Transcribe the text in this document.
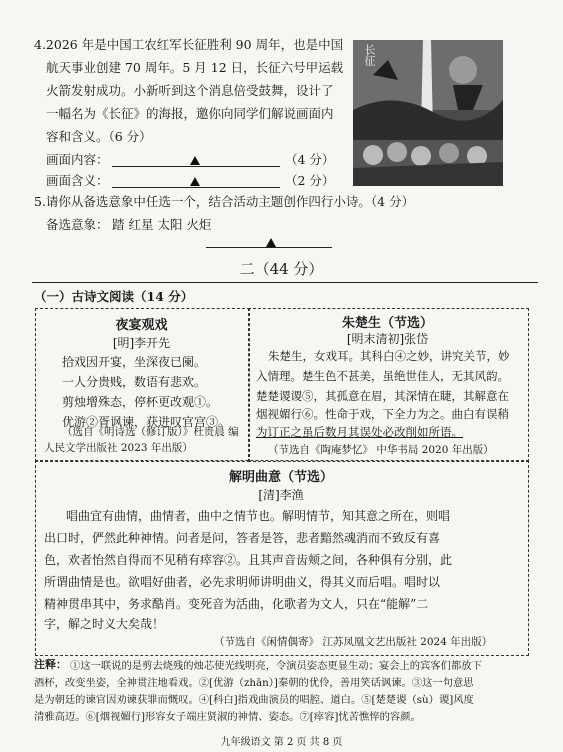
4.2026 年是中国工农红军长征胜利 90 周年，也是中国
航天事业创建 70 周年。5 月 12 日，长征六号甲运载
火箭发射成功。小新听到这个消息倍受鼓舞，设计了
一幅名为《长征》的海报，邀你向同学们解说画面内
容和含义。（6 分）
画面内容：	（4 分）
画面含义：	（2 分）
长征
5.请你从备选意象中任选一个，结合活动主题创作四行小诗。（4 分）
备选意象： 踏 红星 太阳 火炬
二（44 分）
（一）古诗文阅读（14 分）
夜宴观戏
[明]李开先
拾戏因开宴，坐深夜已阑。
一人分贵贱，数语有悲欢。
剪烛增殊态，停杯更改观①。
优游②胥讽谏，获进叹官宫③。
（选自《明诗选（修订版）》杜贵晨 编
人民文学出版社 2023 年出版）
朱楚生（节选）
[明末清初]张岱
朱楚生，女戏耳。其科白④之妙，讲究关节，妙
入情理。楚生色不甚美，虽绝世佳人，无其风韵。
楚楚谡谡⑤，其孤意在眉，其深情在睫，其解意在
烟视媚行⑥。性命于戏，下全力为之。曲白有误稍
为订正之虽后数月其误处必改削如所语。
（节选自《陶庵梦忆》 中华书局 2020 年出版）
解明曲意（节选）
[清]李渔
唱曲宜有曲情，曲情者，曲中之情节也。解明情节，知其意之所在，则唱
出口时，俨然此种神情。问者是问，答者是答，悲者黯然魂消而不致反有喜
色，欢者怡然自得而不见稍有瘁容②。且其声音齿颊之间，各种俱有分别，此
所谓曲情是也。欲唱好曲者，必先求明师讲明曲义，得其义而后唱。唱时以
精神贯串其中，务求酷肖。变死音为活曲，化歌者为文人，只在“能解”二
字，解之时义大矣哉！
（节选自《闲情偶寄》 江苏凤凰文艺出版社 2024 年出版）
注释： ①这一联说的是剪去烧残的烛芯使光线明亮，令演员姿态更显生动；宴会上的宾客们都放下
酒杯，改变坐姿，全神贯注地看戏。②[优游（zhān）]秦朝的优伶，善用笑话讽谏。③这一句意思
是为朝廷的谏官因劝谏获罪而慨叹。④[科白]指戏曲演员的唱腔、道白。⑤[楚楚谡（sù）谡]风度
清雅高迈。⑥[烟视媚行]形容女子端庄贤淑的神情、姿态。⑦[瘁容]忧苦憔悴的容颜。
九年级语文 第 2 页 共 8 页
